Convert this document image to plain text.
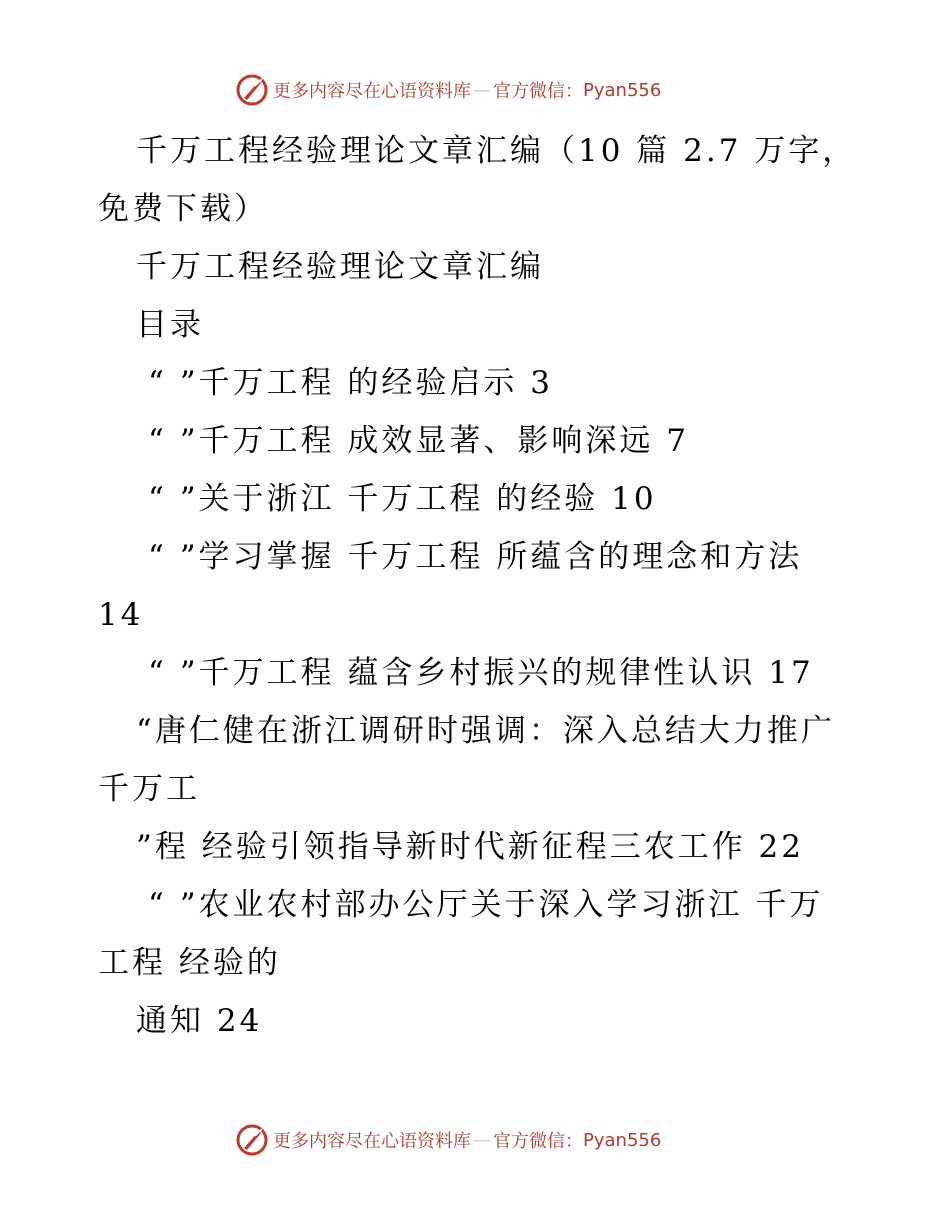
更多内容尽在心语资料库 — 官方微信： Pyan556

千万工程经验理论文章汇编（10 篇 2.7 万字，

免费下载）

千万工程经验理论文章汇编

目录

“ ”千万工程 的经验启示 3

“ ”千万工程 成效显著、影响深远 7

“ ”关于浙江 千万工程 的经验 10

“ ”学习掌握 千万工程 所蕴含的理念和方法

14

“ ”千万工程 蕴含乡村振兴的规律性认识 17

“唐仁健在浙江调研时强调：深入总结大力推广

千万工

”程 经验引领指导新时代新征程三农工作 22

“ ”农业农村部办公厅关于深入学习浙江 千万

工程 经验的

通知 24

更多内容尽在心语资料库 — 官方微信： Pyan556
